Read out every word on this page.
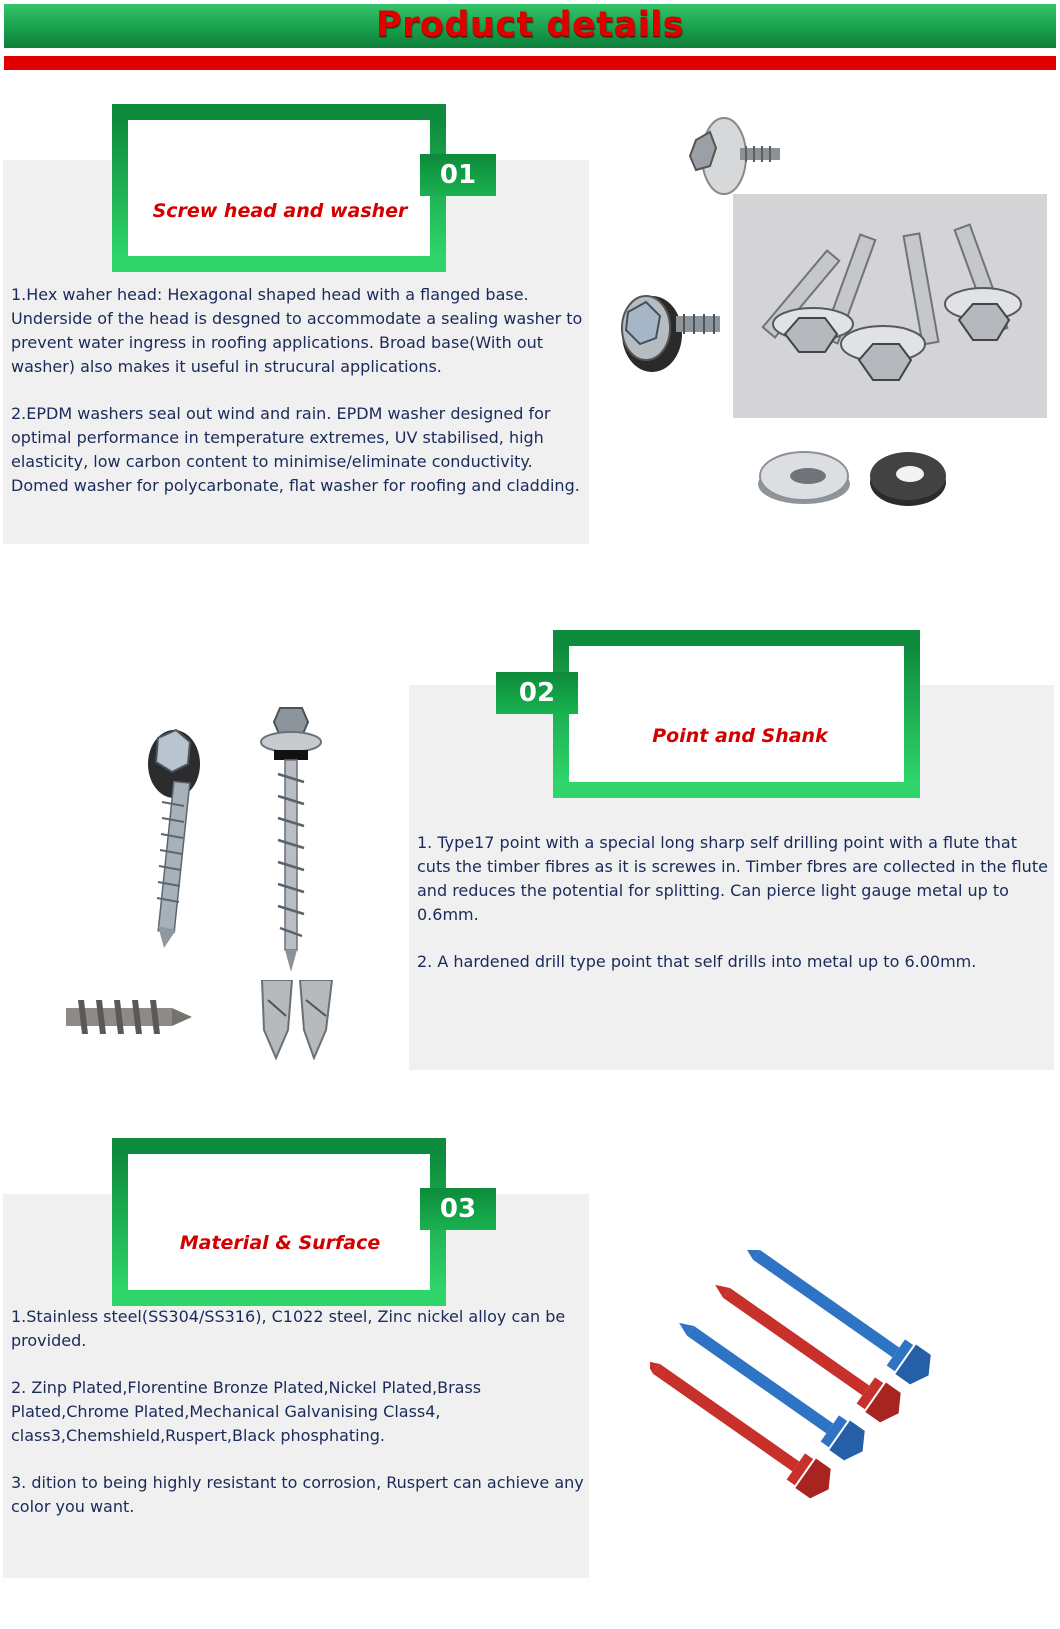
Product details
Screw head and washer
01

1.Hex waher head: Hexagonal shaped head with a flanged base. Underside of the head is desgned to accommodate a sealing washer to prevent water ingress in roofing applications. Broad base(With out washer) also makes it useful in strucural applications.

2.EPDM washers seal out wind and rain. EPDM washer designed for optimal performance in temperature extremes, UV stabilised, high elasticity, low carbon content to minimise/eliminate conductivity. Domed washer for polycarbonate, flat washer for roofing and cladding.

Point and Shank
02

1. Type17 point with a special long sharp self drilling point with a flute that cuts the timber fibres as it is screwes in. Timber fbres are collected in the flute and reduces the potential for splitting. Can pierce light gauge metal up to 0.6mm.

2. A hardened drill type point that self drills into metal up to 6.00mm.

Material & Surface
03

1.Stainless steel(SS304/SS316), C1022 steel, Zinc nickel alloy can be provided.

2. Zinp Plated,Florentine Bronze Plated,Nickel Plated,Brass Plated,Chrome Plated,Mechanical Galvanising Class4, class3,Chemshield,Ruspert,Black phosphating.

3. dition to being highly resistant to corrosion, Ruspert can achieve any color you want.
